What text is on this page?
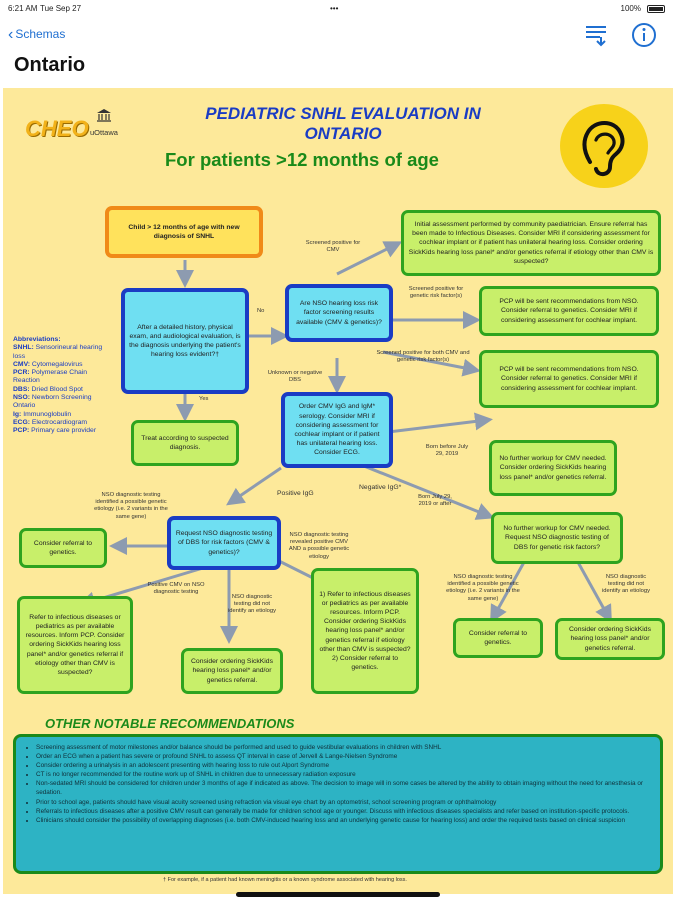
6:21 AM Tue Sep 27	•••	100%
‹ Schemas
Ontario
CHEO uOttawa
PEDIATRIC SNHL EVALUATION IN
ONTARIO
For patients >12 months of age
Child > 12 months of age with new diagnosis of SNHL
After a detailed history, physical exam, and audiological evaluation, is the diagnosis underlying the patient's hearing loss evident?†
Treat according to suspected diagnosis.
Are NSO hearing loss risk factor screening results available (CMV & genetics)?
Initial assessment performed by community paediatrician. Ensure referral has been made to Infectious Diseases. Consider MRI if considering assessment for cochlear implant or if patient has unilateral hearing loss. Consider ordering SickKids hearing loss panel* and/or genetics referral if etiology other than CMV is suspected?
PCP will be sent recommendations from NSO. Consider referral to genetics. Consider MRI if considering assessment for cochlear implant.
PCP will be sent recommendations from NSO. Consider referral to genetics. Consider MRI if considering assessment for cochlear implant.
Order CMV IgG and IgM* serology. Consider MRI if considering assessment for cochlear implant or if patient has unilateral hearing loss. Consider ECG.
No further workup for CMV needed. Consider ordering SickKids hearing loss panel* and/or genetics referral.
No further workup for CMV needed. Request NSO diagnostic testing of DBS for genetic risk factors?
Request NSO diagnostic testing of DBS for risk factors (CMV & genetics)?
Consider referral to genetics.
Refer to infectious diseases or pediatrics as per available resources. Inform PCP. Consider ordering SickKids hearing loss panel* and/or genetics referral if etiology other than CMV is suspected?
Consider ordering SickKids hearing loss panel* and/or genetics referral.
1) Refer to infectious diseases or pediatrics as per available resources. Inform PCP. Consider ordering SickKids hearing loss panel* and/or genetics referral if etiology other than CMV is suspected? 2) Consider referral to genetics.
Consider referral to genetics.
Consider ordering SickKids hearing loss panel* and/or genetics referral.
Screened positive for CMV
Screened positive for genetic risk factor(s)
Screened positive for both CMV and genetic risk factor(s)
No
Yes
Unknown or negative DBS
Born before July 29, 2019
Born July 29, 2019 or after
Negative IgG*
Positive IgG
NSO diagnostic testing identified a possible genetic etiology (i.e. 2 variants in the same gene)
NSO diagnostic testing revealed positive CMV AND a possible genetic etiology
Positive CMV on NSO diagnostic testing
NSO diagnostic testing did not identify an etiology
NSO diagnostic testing identified a possible genetic etiology (i.e. 2 variants in the same gene)
NSO diagnostic testing did not identify an etiology
Abbreviations:
SNHL: Sensorineural hearing loss
CMV: Cytomegalovirus
PCR: Polymerase Chain Reaction
DBS: Dried Blood Spot
NSO: Newborn Screening Ontario
Ig: Immunoglobulin
ECG: Electrocardiogram
PCP: Primary care provider
OTHER NOTABLE RECOMMENDATIONS
• Screening assessment of motor milestones and/or balance should be performed and used to guide vestibular evaluations in children with SNHL
• Order an ECG when a patient has severe or profound SNHL to assess QT interval in case of Jervell & Lange-Nielsen Syndrome
• Consider ordering a urinalysis in an adolescent presenting with hearing loss to rule out Alport Syndrome
• CT is no longer recommended for the routine work up of SNHL in children due to unnecessary radiation exposure
• Non-sedated MRI should be considered for children under 3 months of age if indicated as above. The decision to image will in some cases be altered by the ability to obtain imaging without the need for anesthesia or sedation.
• Prior to school age, patients should have visual acuity screened using refraction via visual eye chart by an optometrist, school screening program or ophthalmology
• Referrals to infectious diseases after a positive CMV result can generally be made for children school age or younger. Discuss with infectious diseases specialists and refer based on institution-specific protocols.
• Clinicians should consider the possibility of overlapping diagnoses (i.e. both CMV-induced hearing loss and an underlying genetic cause for hearing loss) and order the required tests based on clinical suspicion
† For example, if a patient had known meningitis or a known syndrome associated with hearing loss.
